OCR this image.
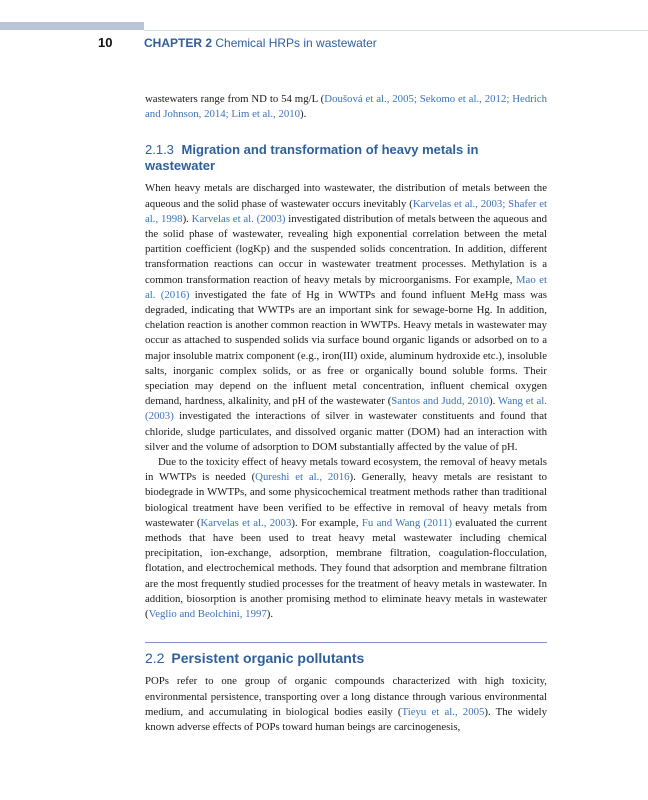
10	CHAPTER 2 Chemical HRPs in wastewater

wastewaters range from ND to 54 mg/L (Doušová et al., 2005; Sekomo et al., 2012; Hedrich and Johnson, 2014; Lim et al., 2010).

2.1.3 Migration and transformation of heavy metals in wastewater

When heavy metals are discharged into wastewater, the distribution of metals between the aqueous and the solid phase of wastewater occurs inevitably (Karvelas et al., 2003; Shafer et al., 1998). Karvelas et al. (2003) investigated distribution of metals between the aqueous and the solid phase of wastewater, revealing high exponential correlation between the metal partition coefficient (logKp) and the suspended solids concentration. In addition, different transformation reactions can occur in wastewater treatment processes. Methylation is a common transformation reaction of heavy metals by microorganisms. For example, Mao et al. (2016) investigated the fate of Hg in WWTPs and found influent MeHg mass was degraded, indicating that WWTPs are an important sink for sewage-borne Hg. In addition, chelation reaction is another common reaction in WWTPs. Heavy metals in wastewater may occur as attached to suspended solids via surface bound organic ligands or adsorbed on to a major insoluble matrix component (e.g., iron(III) oxide, aluminum hydroxide etc.), insoluble salts, inorganic complex solids, or as free or organically bound soluble forms. Their speciation may depend on the influent metal concentration, influent chemical oxygen demand, hardness, alkalinity, and pH of the wastewater (Santos and Judd, 2010). Wang et al. (2003) investigated the interactions of silver in wastewater constituents and found that chloride, sludge particulates, and dissolved organic matter (DOM) had an interaction with silver and the volume of adsorption to DOM substantially affected by the value of pH.

Due to the toxicity effect of heavy metals toward ecosystem, the removal of heavy metals in WWTPs is needed (Qureshi et al., 2016). Generally, heavy metals are resistant to biodegrade in WWTPs, and some physicochemical treatment methods rather than traditional biological treatment have been verified to be effective in removal of heavy metals from wastewater (Karvelas et al., 2003). For example, Fu and Wang (2011) evaluated the current methods that have been used to treat heavy metal wastewater including chemical precipitation, ion-exchange, adsorption, membrane filtration, coagulation-flocculation, flotation, and electrochemical methods. They found that adsorption and membrane filtration are the most frequently studied processes for the treatment of heavy metals in wastewater. In addition, biosorption is another promising method to eliminate heavy metals in wastewater (Veglio and Beolchini, 1997).

2.2 Persistent organic pollutants

POPs refer to one group of organic compounds characterized with high toxicity, environmental persistence, transporting over a long distance through various environmental medium, and accumulating in biological bodies easily (Tieyu et al., 2005). The widely known adverse effects of POPs toward human beings are carcinogenesis,
